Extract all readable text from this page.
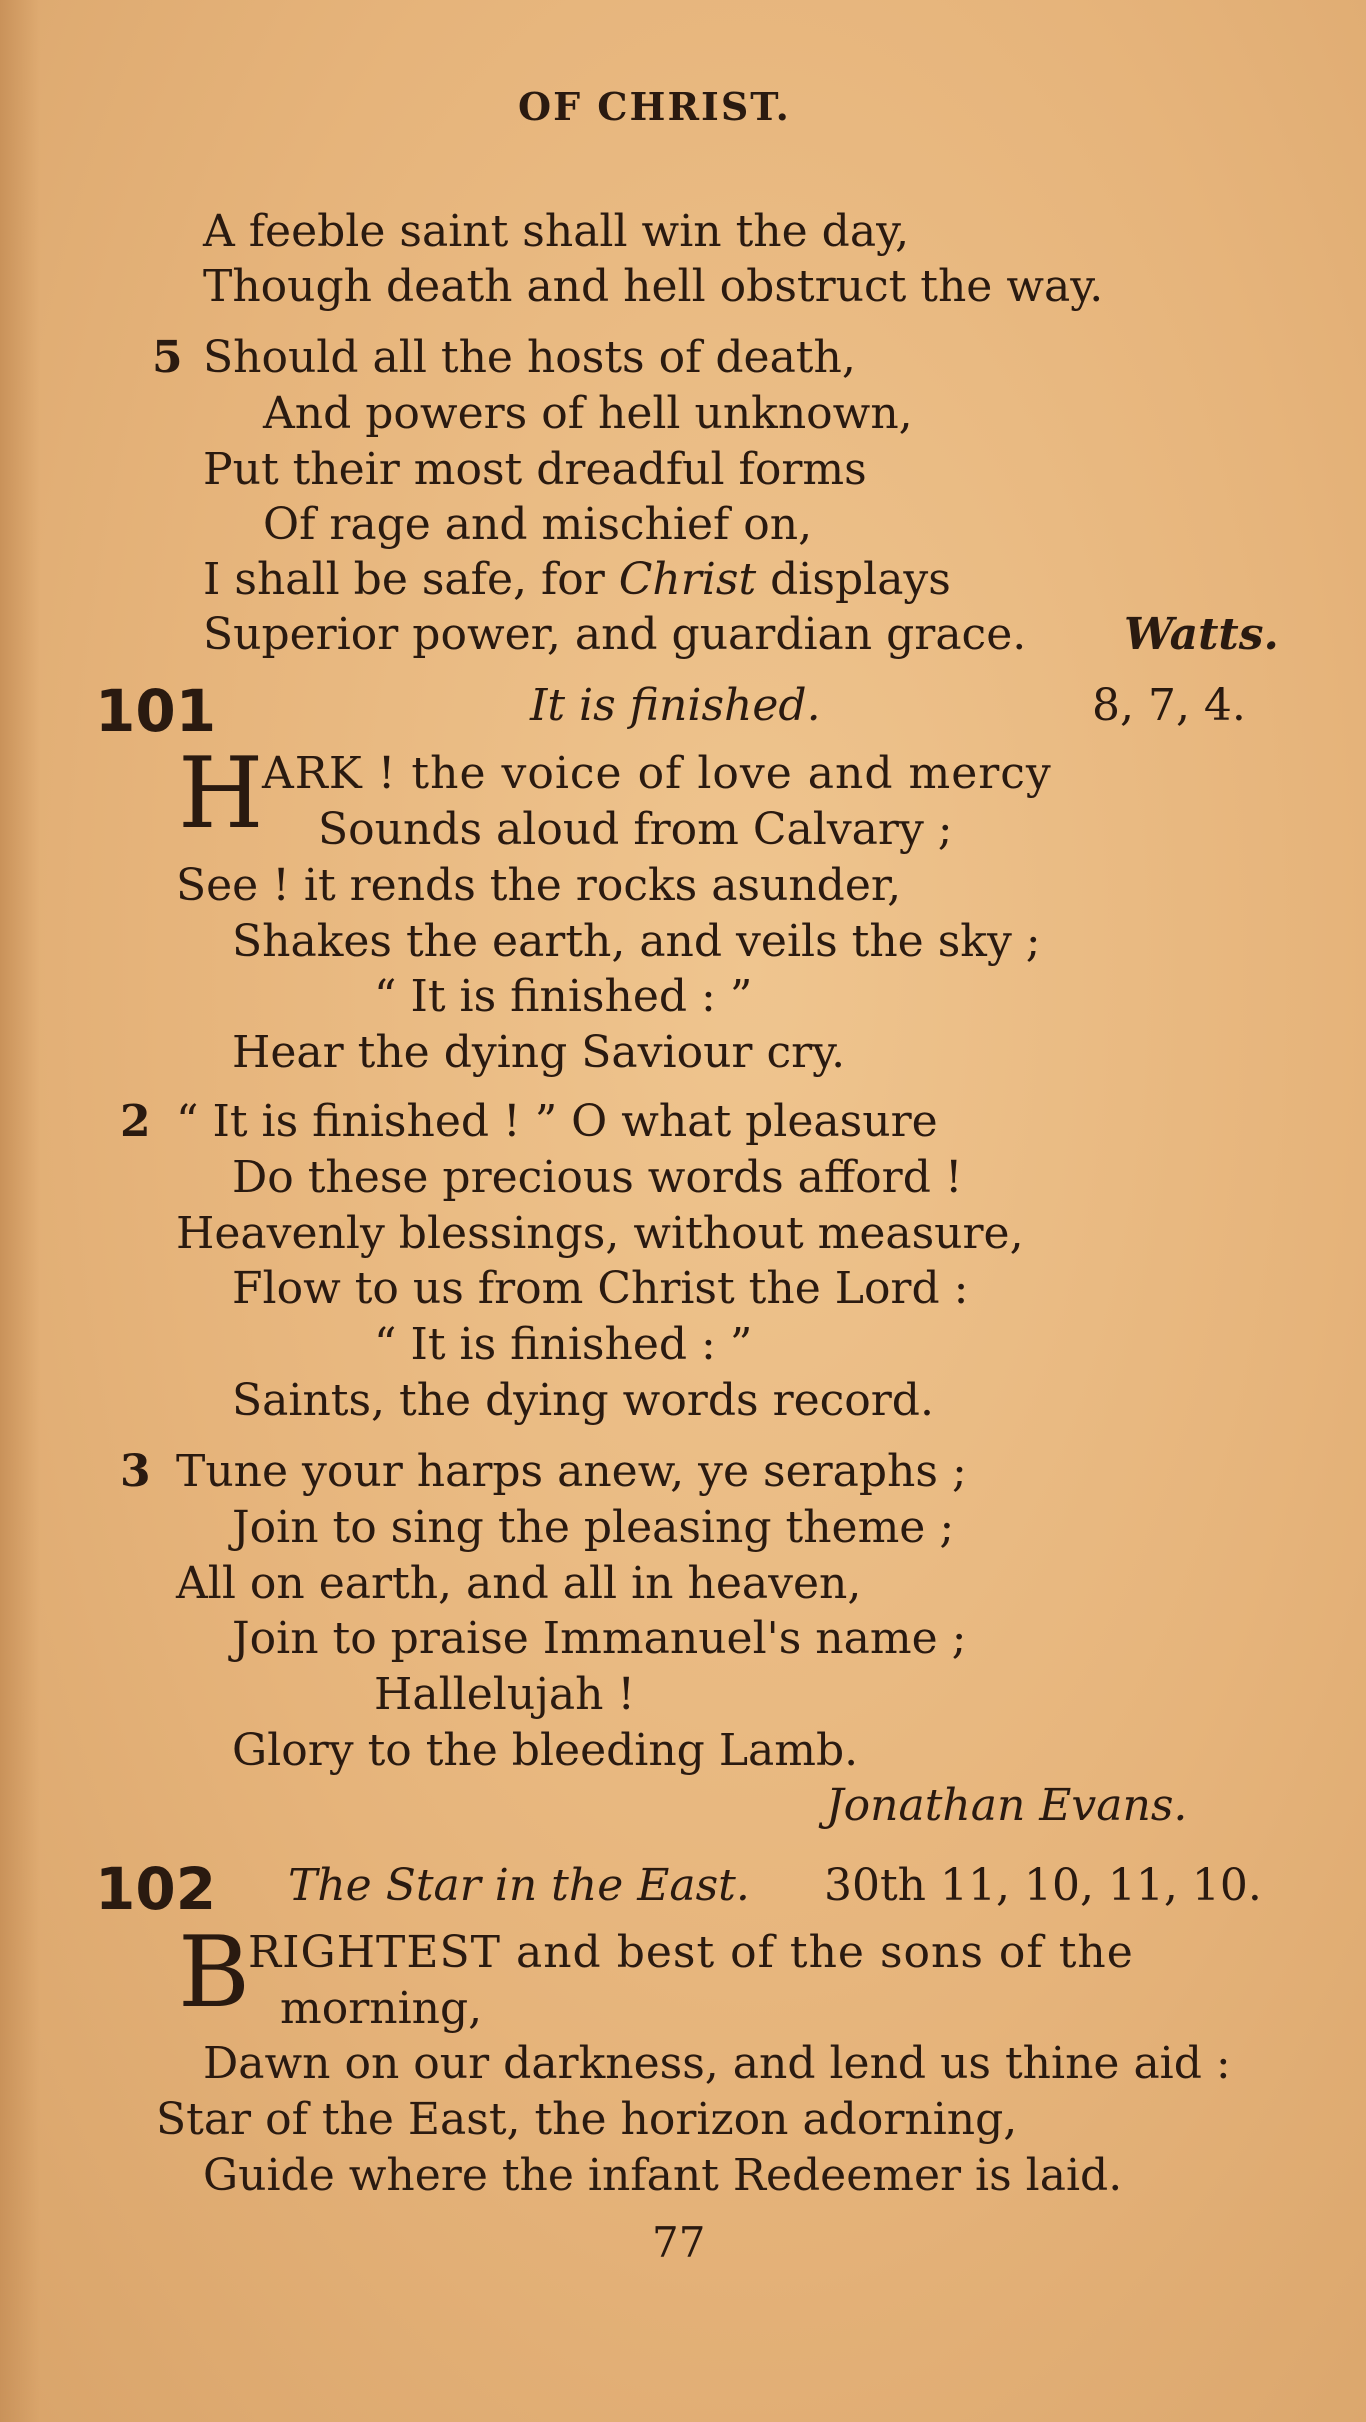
OF CHRIST.
A feeble saint shall win the day,
Though death and hell obstruct the way.
5 Should all the hosts of death,
And powers of hell unknown,
Put their most dreadful forms
Of rage and mischief on,
I shall be safe, for Christ displays
Superior power, and guardian grace. Watts.
101	It is finished.	8, 7, 4.
H
ARK ! the voice of love and mercy
Sounds aloud from Calvary ;
See ! it rends the rocks asunder,
Shakes the earth, and veils the sky ;
“ It is finished : ”
Hear the dying Saviour cry.
2 “ It is finished ! ” O what pleasure
Do these precious words afford !
Heavenly blessings, without measure,
Flow to us from Christ the Lord :
“ It is finished : ”
Saints, the dying words record.
3 Tune your harps anew, ye seraphs ;
Join to sing the pleasing theme ;
All on earth, and all in heaven,
Join to praise Immanuel's name ;
Hallelujah !
Glory to the bleeding Lamb.
Jonathan Evans.
102 The Star in the East. 30th 11, 10, 11, 10.
B
RIGHTEST and best of the sons of the
morning,
Dawn on our darkness, and lend us thine aid :
Star of the East, the horizon adorning,
Guide where the infant Redeemer is laid.
77
